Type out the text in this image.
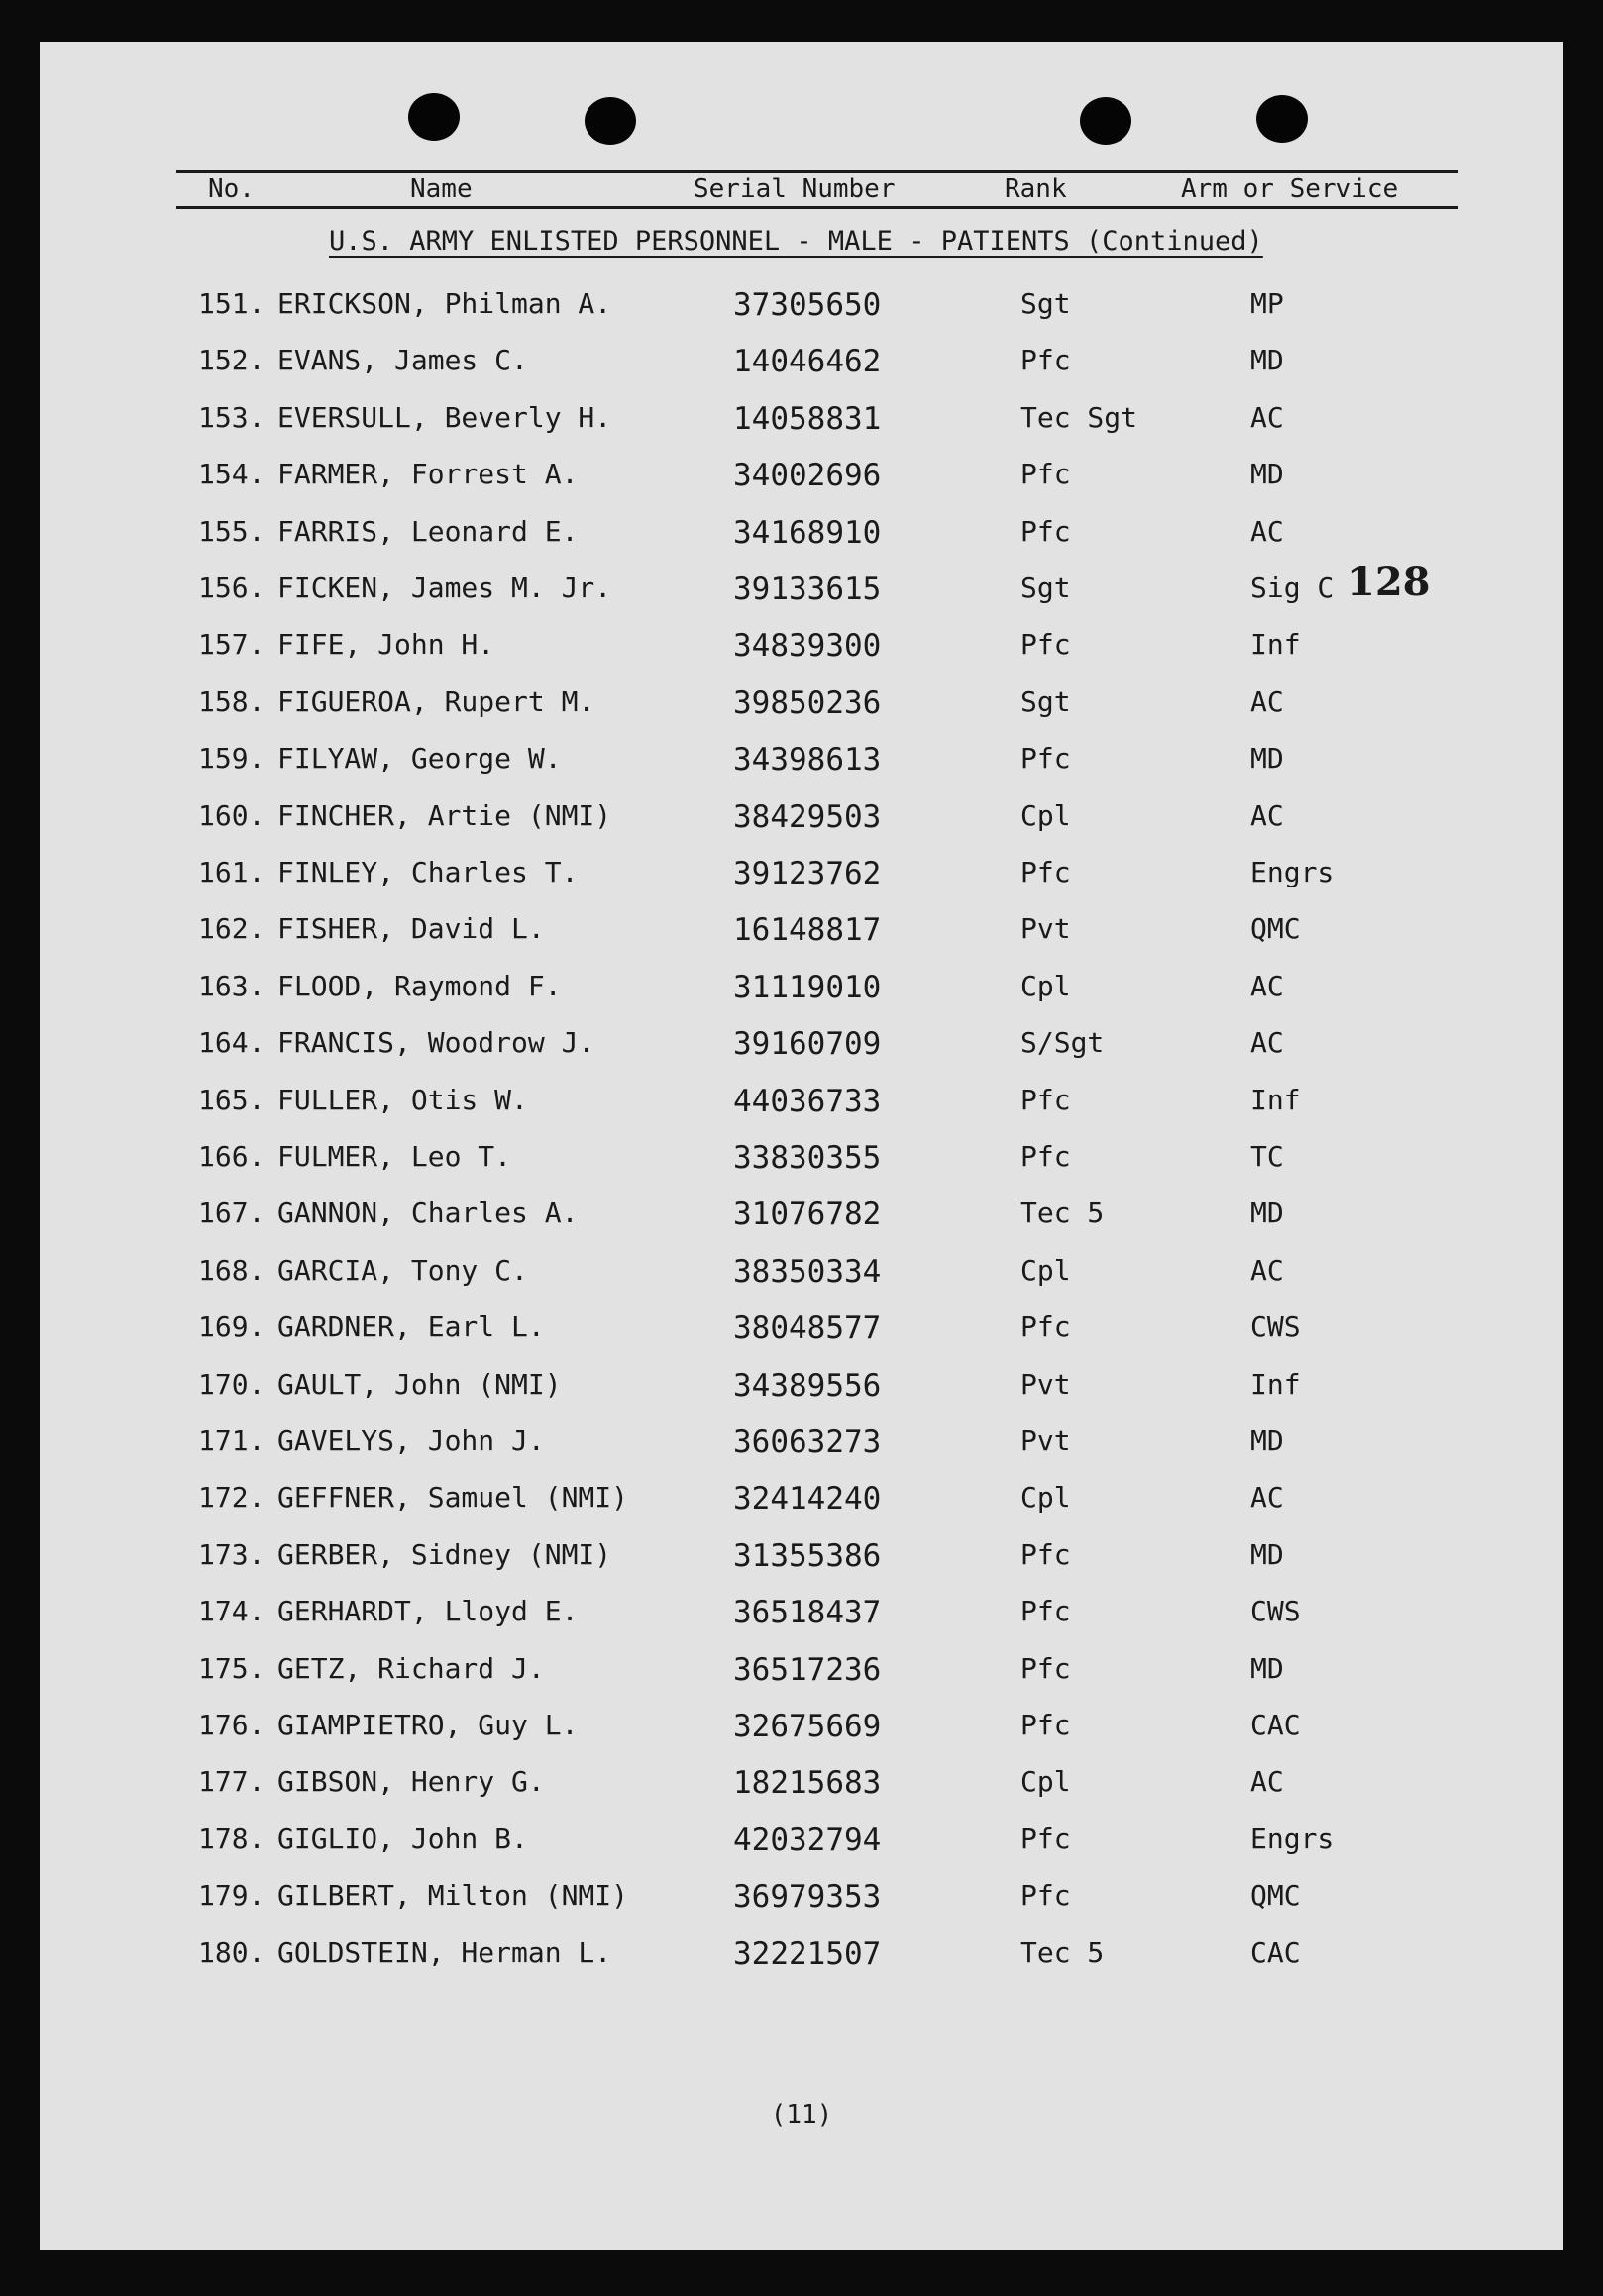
No.	Name	Serial Number	Rank	Arm or Service
U.S. ARMY ENLISTED PERSONNEL - MALE - PATIENTS (Continued)
151. ERICKSON, Philman A.	37305650	Sgt	MP
152. EVANS, James C.	14046462	Pfc	MD
153. EVERSULL, Beverly H.	14058831	Tec Sgt	AC
154. FARMER, Forrest A.	34002696	Pfc	MD
155. FARRIS, Leonard E.	34168910	Pfc	AC
156. FICKEN, James M. Jr.	39133615	Sgt	Sig C
157. FIFE, John H.	34839300	Pfc	Inf
158. FIGUEROA, Rupert M.	39850236	Sgt	AC
159. FILYAW, George W.	34398613	Pfc	MD
160. FINCHER, Artie (NMI)	38429503	Cpl	AC
161. FINLEY, Charles T.	39123762	Pfc	Engrs
162. FISHER, David L.	16148817	Pvt	QMC
163. FLOOD, Raymond F.	31119010	Cpl	AC
164. FRANCIS, Woodrow J.	39160709	S/Sgt	AC
165. FULLER, Otis W.	44036733	Pfc	Inf
166. FULMER, Leo T.	33830355	Pfc	TC
167. GANNON, Charles A.	31076782	Tec 5	MD
168. GARCIA, Tony C.	38350334	Cpl	AC
169. GARDNER, Earl L.	38048577	Pfc	CWS
170. GAULT, John (NMI)	34389556	Pvt	Inf
171. GAVELYS, John J.	36063273	Pvt	MD
172. GEFFNER, Samuel (NMI)	32414240	Cpl	AC
173. GERBER, Sidney (NMI)	31355386	Pfc	MD
174. GERHARDT, Lloyd E.	36518437	Pfc	CWS
175. GETZ, Richard J.	36517236	Pfc	MD
176. GIAMPIETRO, Guy L.	32675669	Pfc	CAC
177. GIBSON, Henry G.	18215683	Cpl	AC
178. GIGLIO, John B.	42032794	Pfc	Engrs
179. GILBERT, Milton (NMI)	36979353	Pfc	QMC
180. GOLDSTEIN, Herman L.	32221507	Tec 5	CAC
128
(11)
